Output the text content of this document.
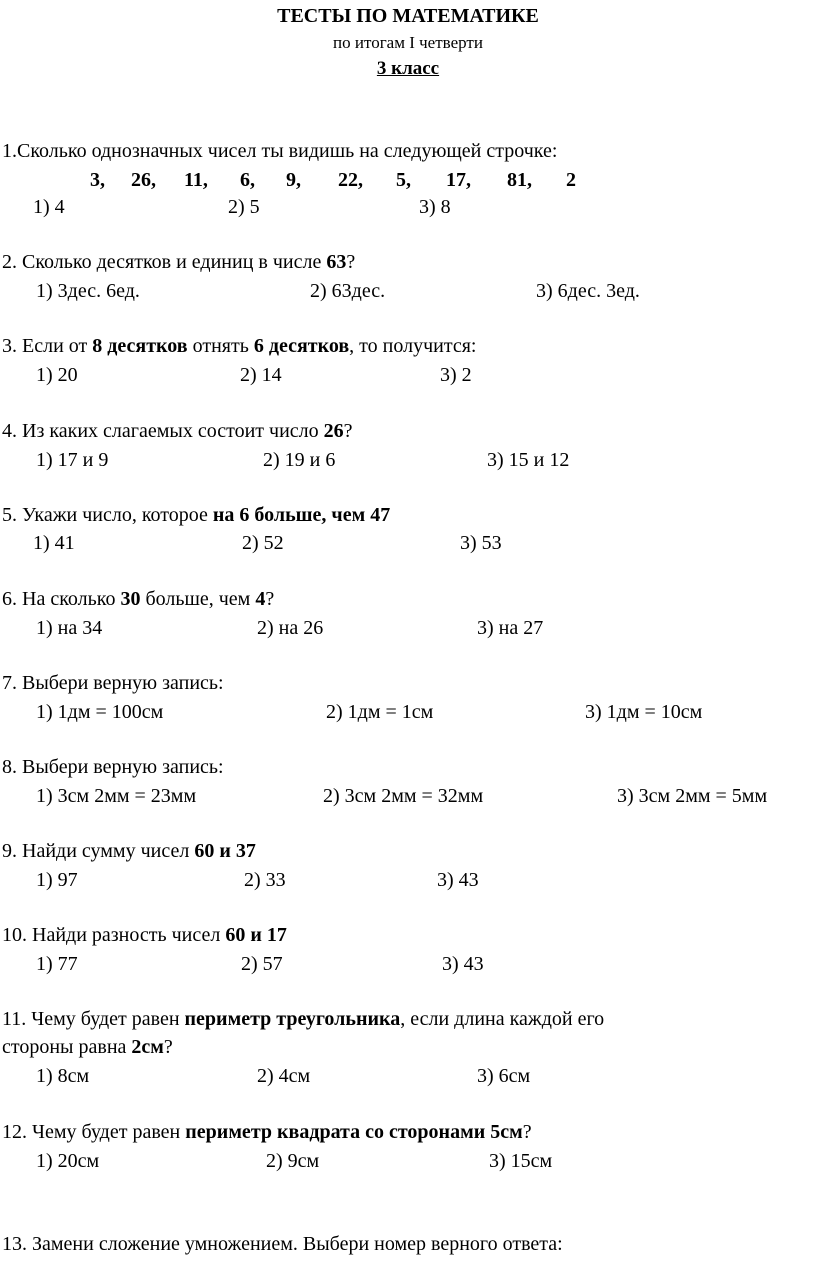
ТЕСТЫ ПО МАТЕМАТИКЕ
по итогам I четверти
3 класс
1.Сколько однозначных чисел ты видишь на следующей строчке:
3, 26, 11, 6, 9, 22, 5, 17, 81, 2
1) 4	2) 5	3) 8
2. Сколько десятков и единиц в числе 63?
1) 3дес. 6ед.	2) 63дес.	3) 6дес. 3ед.
3. Если от 8 десятков отнять 6 десятков, то получится:
1) 20	2) 14	3) 2
4. Из каких слагаемых состоит число 26?
1) 17 и 9	2) 19 и 6	3) 15 и 12
5. Укажи число, которое на 6 больше, чем 47
1) 41	2) 52	3) 53
6. На сколько 30 больше, чем 4?
1) на 34	2) на 26	3) на 27
7. Выбери верную запись:
1) 1дм = 100см	2) 1дм = 1см	3) 1дм = 10см
8. Выбери верную запись:
1) 3см 2мм = 23мм	2) 3см 2мм = 32мм	3) 3см 2мм = 5мм
9. Найди сумму чисел 60 и 37
1) 97	2) 33	3) 43
10. Найди разность чисел 60 и 17
1) 77	2) 57	3) 43
11. Чему будет равен периметр треугольника, если длина каждой его
стороны равна 2см?
1) 8см	2) 4см	3) 6см
12. Чему будет равен периметр квадрата со сторонами 5см?
1) 20см	2) 9см	3) 15см
13. Замени сложение умножением. Выбери номер верного ответа:
